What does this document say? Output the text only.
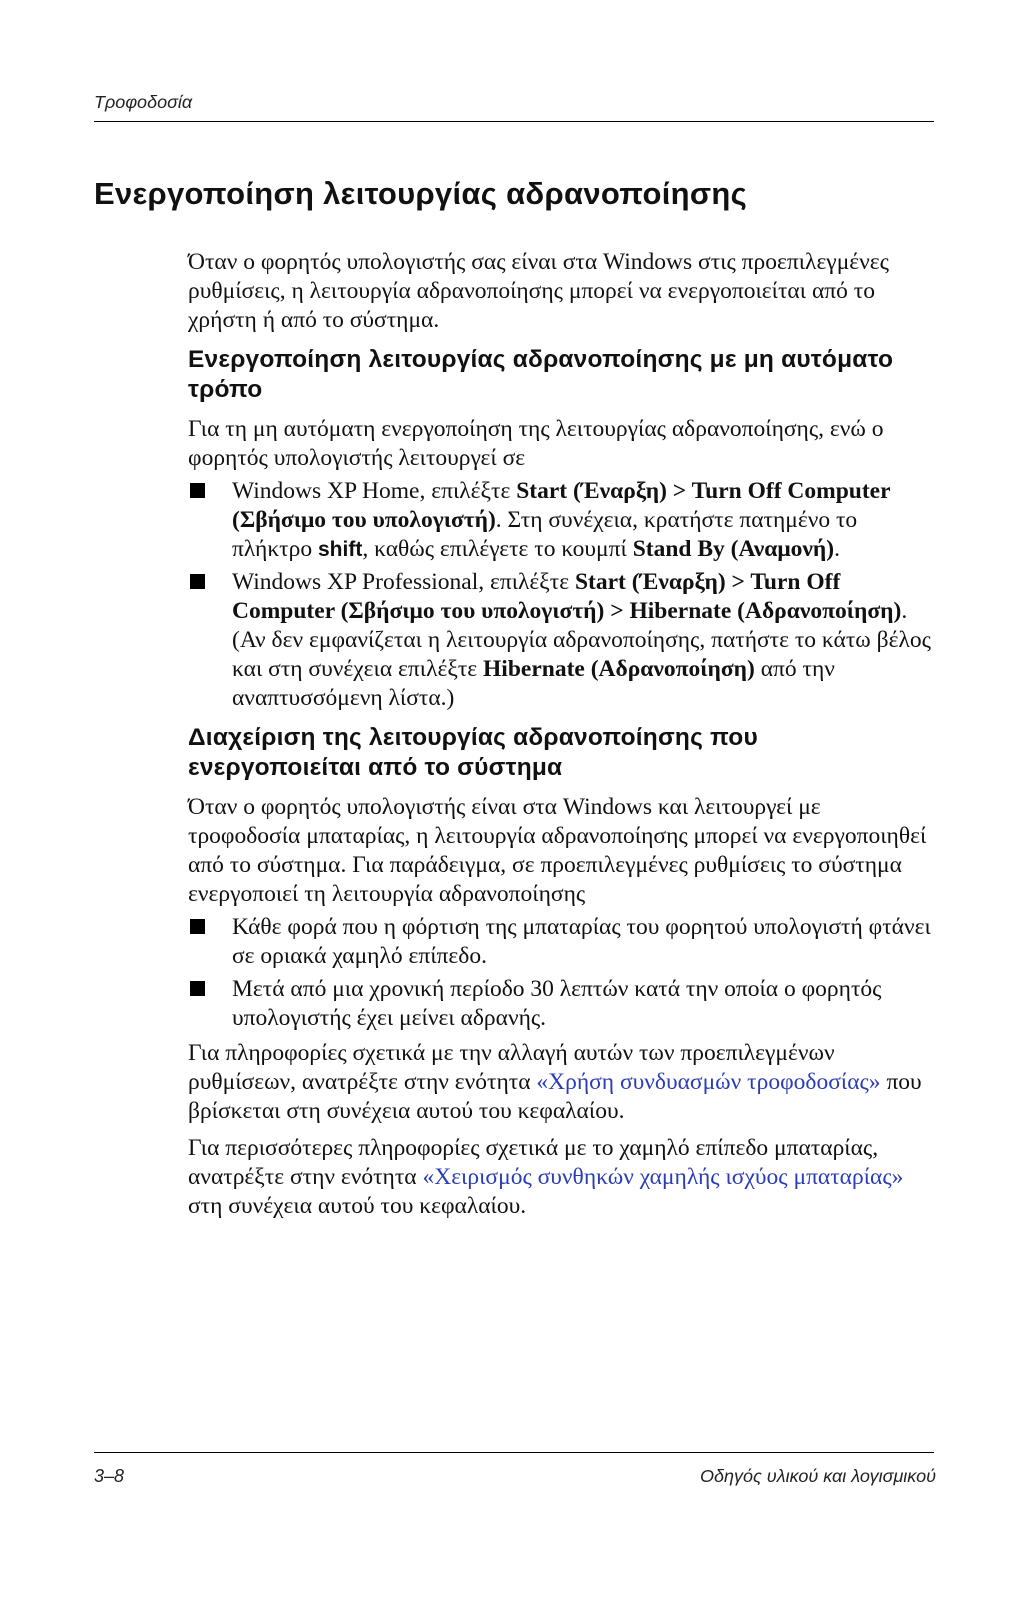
Τροφοδοσία
Ενεργοποίηση λειτουργίας αδρανοποίησης

Όταν ο φορητός υπολογιστής σας είναι στα Windows στις προεπιλεγμένες ρυθμίσεις, η λειτουργία αδρανοποίησης μπορεί να ενεργοποιείται από το χρήστη ή από το σύστημα.

Ενεργοποίηση λειτουργίας αδρανοποίησης με μη αυτόματο τρόπο

Για τη μη αυτόματη ενεργοποίηση της λειτουργίας αδρανοποίησης, ενώ ο φορητός υπολογιστής λειτουργεί σε

Windows XP Home, επιλέξτε Start (Έναρξη) > Turn Off Computer (Σβήσιμο του υπολογιστή). Στη συνέχεια, κρατήστε πατημένο το πλήκτρο shift, καθώς επιλέγετε το κουμπί Stand By (Αναμονή).
Windows XP Professional, επιλέξτε Start (Έναρξη) > Turn Off Computer (Σβήσιμο του υπολογιστή) > Hibernate (Αδρανοποίηση). (Αν δεν εμφανίζεται η λειτουργία αδρανοποίησης, πατήστε το κάτω βέλος και στη συνέχεια επιλέξτε Hibernate (Αδρανοποίηση) από την αναπτυσσόμενη λίστα.)
Διαχείριση της λειτουργίας αδρανοποίησης που ενεργοποιείται από το σύστημα

Όταν ο φορητός υπολογιστής είναι στα Windows και λειτουργεί με τροφοδοσία μπαταρίας, η λειτουργία αδρανοποίησης μπορεί να ενεργοποιηθεί από το σύστημα. Για παράδειγμα, σε προεπιλεγμένες ρυθμίσεις το σύστημα ενεργοποιεί τη λειτουργία αδρανοποίησης

Κάθε φορά που η φόρτιση της μπαταρίας του φορητού υπολογιστή φτάνει σε οριακά χαμηλό επίπεδο.
Μετά από μια χρονική περίοδο 30 λεπτών κατά την οποία ο φορητός υπολογιστής έχει μείνει αδρανής.

Για πληροφορίες σχετικά με την αλλαγή αυτών των προεπιλεγμένων ρυθμίσεων, ανατρέξτε στην ενότητα «Χρήση συνδυασμών τροφοδοσίας» που βρίσκεται στη συνέχεια αυτού του κεφαλαίου.

Για περισσότερες πληροφορίες σχετικά με το χαμηλό επίπεδο μπαταρίας, ανατρέξτε στην ενότητα «Χειρισμός συνθηκών χαμηλής ισχύος μπαταρίας» στη συνέχεια αυτού του κεφαλαίου.

3–8	Οδηγός υλικού και λογισμικού
